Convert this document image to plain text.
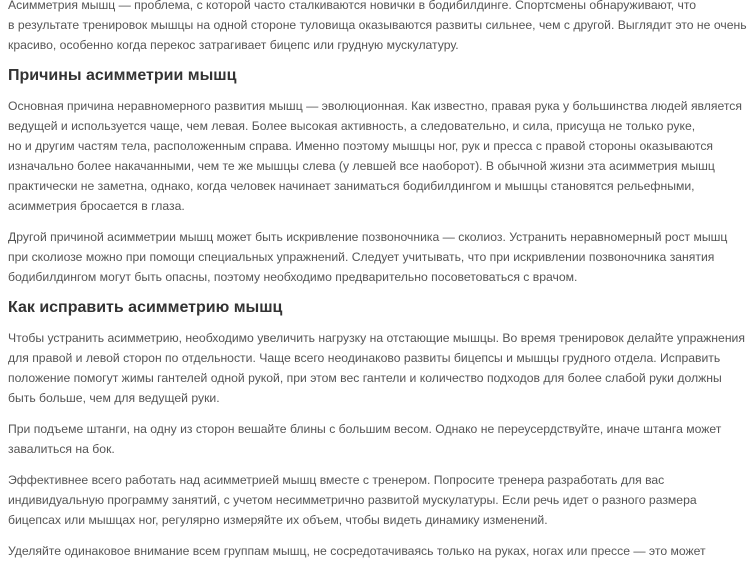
Асимметрия мышц — проблема, с которой часто сталкиваются новички в бодибилдинге. Спортсмены обнаруживают, что
в результате тренировок мышцы на одной стороне туловища оказываются развиты сильнее, чем с другой. Выглядит это не очень
красиво, особенно когда перекос затрагивает бицепс или грудную мускулатуру.

Причины асимметрии мышц

Основная причина неравномерного развития мышц — эволюционная. Как известно, правая рука у большинства людей является
ведущей и используется чаще, чем левая. Более высокая активность, а следовательно, и сила, присуща не только руке,
но и другим частям тела, расположенным справа. Именно поэтому мышцы ног, рук и пресса с правой стороны оказываются
изначально более накачанными, чем те же мышцы слева (у левшей все наоборот). В обычной жизни эта асимметрия мышц
практически не заметна, однако, когда человек начинает заниматься бодибилдингом и мышцы становятся рельефными,
асимметрия бросается в глаза.

Другой причиной асимметрии мышц может быть искривление позвоночника — сколиоз. Устранить неравномерный рост мышц
при сколиозе можно при помощи специальных упражнений. Следует учитывать, что при искривлении позвоночника занятия
бодибилдингом могут быть опасны, поэтому необходимо предварительно посоветоваться с врачом.

Как исправить асимметрию мышц

Чтобы устранить асимметрию, необходимо увеличить нагрузку на отстающие мышцы. Во время тренировок делайте упражнения
для правой и левой сторон по отдельности. Чаще всего неодинаково развиты бицепсы и мышцы грудного отдела. Исправить
положение помогут жимы гантелей одной рукой, при этом вес гантели и количество подходов для более слабой руки должны
быть больше, чем для ведущей руки.

При подъеме штанги, на одну из сторон вешайте блины с большим весом. Однако не переусердствуйте, иначе штанга может
завалиться на бок.

Эффективнее всего работать над асимметрией мышц вместе с тренером. Попросите тренера разработать для вас
индивидуальную программу занятий, с учетом несимметрично развитой мускулатуры. Если речь идет о разного размера
бицепсах или мышцах ног, регулярно измеряйте их объем, чтобы видеть динамику изменений.

Уделяйте одинаковое внимание всем группам мышц, не сосредотачиваясь только на руках, ногах или прессе — это может
